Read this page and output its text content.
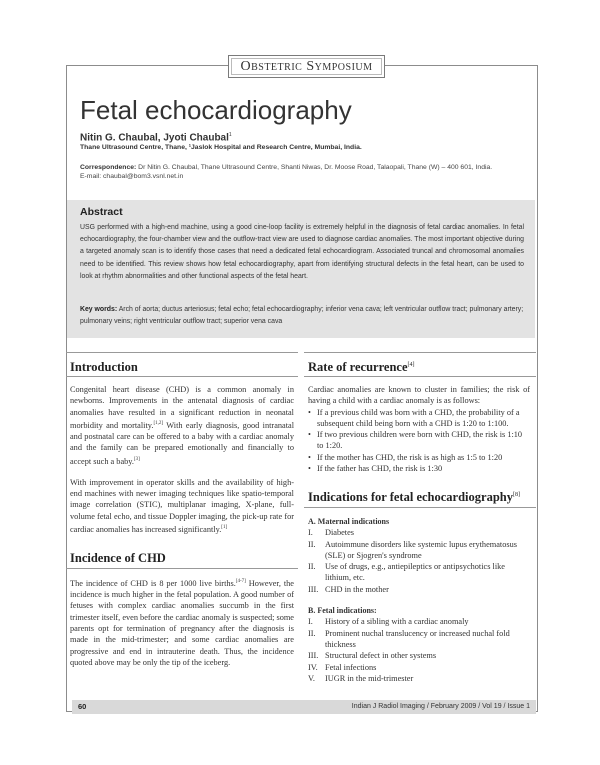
Obstetric Symposium
Fetal echocardiography
Nitin G. Chaubal, Jyoti Chaubal$^1$
Thane Ultrasound Centre, Thane, ¹Jaslok Hospital and Research Centre, Mumbai, India.
Correspondence: Dr Nitin G. Chaubal, Thane Ultrasound Centre, Shanti Niwas, Dr. Moose Road, Talaopali, Thane (W) – 400 601, India.
E-mail: chaubal@bom3.vsnl.net.in
Abstract
USG performed with a high-end machine, using a good cine-loop facility is extremely helpful in the diagnosis of fetal cardiac anomalies. In fetal echocardiography, the four-chamber view and the outflow-tract view are used to diagnose cardiac anomalies. The most important objective during a targeted anomaly scan is to identify those cases that need a dedicated fetal echocardiogram. Associated truncal and chromosomal anomalies need to be identified. This review shows how fetal echocardiography, apart from identifying structural defects in the fetal heart, can be used to look at rhythm abnormalities and other functional aspects of the fetal heart.
Key words: Arch of aorta; ductus arteriosus; fetal echo; fetal echocardiography; inferior vena cava; left ventricular outflow tract; pulmonary artery; pulmonary veins; right ventricular outflow tract; superior vena cava
Introduction

Congenital heart disease (CHD) is a common anomaly in newborns. Improvements in the antenatal diagnosis of cardiac anomalies have resulted in a significant reduction in neonatal morbidity and mortality.[1,2] With early diagnosis, good intranatal and postnatal care can be offered to a baby with a cardiac anomaly and the family can be prepared emotionally and financially to accept such a baby.[3]

With improvement in operator skills and the availability of high-end machines with newer imaging techniques like spatio-temporal image correlation (STIC), multiplanar imaging, X-plane, full-volume fetal echo, and tissue Doppler imaging, the pick-up rate for cardiac anomalies has increased significantly.[1]

Incidence of CHD

The incidence of CHD is 8 per 1000 live births.[4-7] However, the incidence is much higher in the fetal population. A good number of fetuses with complex cardiac anomalies succumb in the first trimester itself, even before the cardiac anomaly is suspected; some parents opt for termination of pregnancy after the diagnosis is made in the mid-trimester; and some cardiac anomalies are progressive and end in intrauterine death. Thus, the incidence quoted above may be only the tip of the iceberg.

Rate of recurrence[4]

Cardiac anomalies are known to cluster in families; the risk of having a child with a cardiac anomaly is as follows:

• If a previous child was born with a CHD, the probability of a subsequent child being born with a CHD is 1:20 to 1:100.
• If two previous children were born with CHD, the risk is 1:10 to 1:20.
• If the mother has CHD, the risk is as high as 1:5 to 1:20
• If the father has CHD, the risk is 1:30
Indications for fetal echocardiography[8]

A. Maternal indications

I. Diabetes
II. Autoimmune disorders like systemic lupus erythematosus (SLE) or Sjogren's syndrome
II. Use of drugs, e.g., antiepileptics or antipsychotics like lithium, etc.
III. CHD in the mother

B. Fetal indications:

I. History of a sibling with a cardiac anomaly
II. Prominent nuchal translucency or increased nuchal fold thickness
III. Structural defect in other systems
IV. Fetal infections
V. IUGR in the mid-trimester
60	Indian J Radiol Imaging / February 2009 / Vol 19 / Issue 1
